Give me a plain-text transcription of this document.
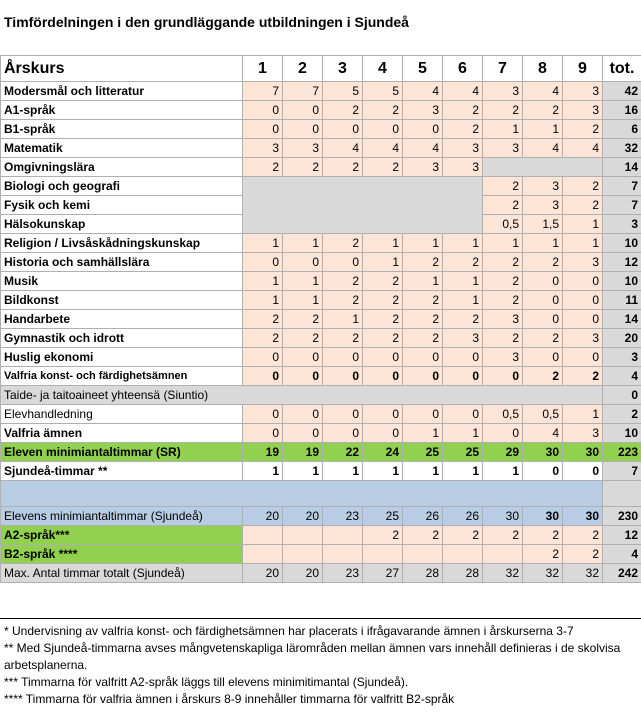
Timfördelningen i den grundläggande utbildningen i Sjundeå
Årskurs	1	2	3	4	5	6	7	8	9	tot.
Modersmål och litteratur	7	7	5	5	4	4	3	4	3	42
A1-språk	0	0	2	2	3	2	2	2	3	16
B1-språk	0	0	0	0	0	2	1	1	2	6
Matematik	3	3	4	4	4	3	3	4	4	32
Omgivningslära	2	2	2	2	3	3				14
Biologi och geografi							2	3	2	7
Fysik och kemi							2	3	2	7
Hälsokunskap							0,5	1,5	1	3
Religion / Livsåskådningskunskap	1	1	2	1	1	1	1	1	1	10
Historia och samhällslära	0	0	0	1	2	2	2	2	3	12
Musik	1	1	2	2	1	1	2	0	0	10
Bildkonst	1	1	2	2	2	1	2	0	0	11
Handarbete	2	2	1	2	2	2	3	0	0	14
Gymnastik och idrott	2	2	2	2	2	3	2	2	3	20
Huslig ekonomi	0	0	0	0	0	0	3	0	0	3
Valfria konst- och färdighetsämnen	0	0	0	0	0	0	0	2	2	4
Taide- ja taitoaineet yhteensä (Siuntio)										0
Elevhandledning	0	0	0	0	0	0	0,5	0,5	1	2
Valfria ämnen	0	0	0	0	1	1	0	4	3	10
Eleven minimiantaltimmar (SR)	19	19	22	24	25	25	29	30	30	223
Sjundeå-timmar **	1	1	1	1	1	1	1	0	0	7

Elevens minimiantaltimmar (Sjundeå)	20	20	23	25	26	26	30	30	30	230
A2-språk***				2	2	2	2	2	2	12
B2-språk ****								2	2	4
Max. Antal timmar totalt (Sjundeå)	20	20	23	27	28	28	32	32	32	242
* Undervisning av valfria konst- och färdighetsämnen har placerats i ifrågavarande ämnen i årskurserna 3-7
** Med Sjundeå-timmarna avses mångvetenskapliga lärområden mellan ämnen vars innehåll definieras i de skolvisa arbetsplanerna.
*** Timmarna för valfritt A2-språk läggs till elevens minimitimantal (Sjundeå).
**** Timmarna för valfria ämnen i årskurs 8-9 innehåller timmarna för valfritt B2-språk
